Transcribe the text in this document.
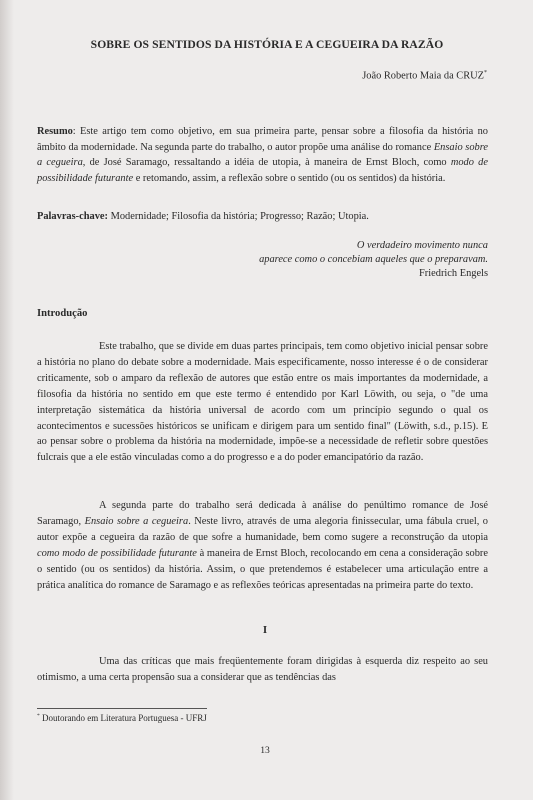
SOBRE OS SENTIDOS DA HISTÓRIA E A CEGUEIRA DA RAZÃO
João Roberto Maia da CRUZ*
Resumo: Este artigo tem como objetivo, em sua primeira parte, pensar sobre a filosofia da história no âmbito da modernidade. Na segunda parte do trabalho, o autor propõe uma análise do romance Ensaio sobre a cegueira, de José Saramago, ressaltando a idéia de utopia, à maneira de Ernst Bloch, como modo de possibilidade futurante e retomando, assim, a reflexão sobre o sentido (ou os sentidos) da história.
Palavras-chave: Modernidade; Filosofia da história; Progresso; Razão; Utopia.
O verdadeiro movimento nunca
aparece como o concebiam aqueles que o preparavam.
Friedrich Engels
Introdução

Este trabalho, que se divide em duas partes principais, tem como objetivo inicial pensar sobre a história no plano do debate sobre a modernidade. Mais especificamente, nosso interesse é o de considerar criticamente, sob o amparo da reflexão de autores que estão entre os mais importantes da modernidade, a filosofia da história no sentido em que este termo é entendido por Karl Löwith, ou seja, o "de uma interpretação sistemática da história universal de acordo com um princípio segundo o qual os acontecimentos e sucessões históricos se unificam e dirigem para um sentido final" (Löwith, s.d., p.15). E ao pensar sobre o problema da história na modernidade, impõe-se a necessidade de refletir sobre questões fulcrais que a ele estão vinculadas como a do progresso e a do poder emancipatório da razão.

A segunda parte do trabalho será dedicada à análise do penúltimo romance de José Saramago, Ensaio sobre a cegueira. Neste livro, através de uma alegoria finissecular, uma fábula cruel, o autor expõe a cegueira da razão de que sofre a humanidade, bem como sugere a reconstrução da utopia como modo de possibilidade futurante à maneira de Ernst Bloch, recolocando em cena a consideração sobre o sentido (ou os sentidos) da história. Assim, o que pretendemos é estabelecer uma articulação entre a prática analítica do romance de Saramago e as reflexões teóricas apresentadas na primeira parte do texto.

I

Uma das críticas que mais freqüentemente foram dirigidas à esquerda diz respeito ao seu otimismo, a uma certa propensão sua a considerar que as tendências das

* Doutorando em Literatura Portuguesa - UFRJ
13
